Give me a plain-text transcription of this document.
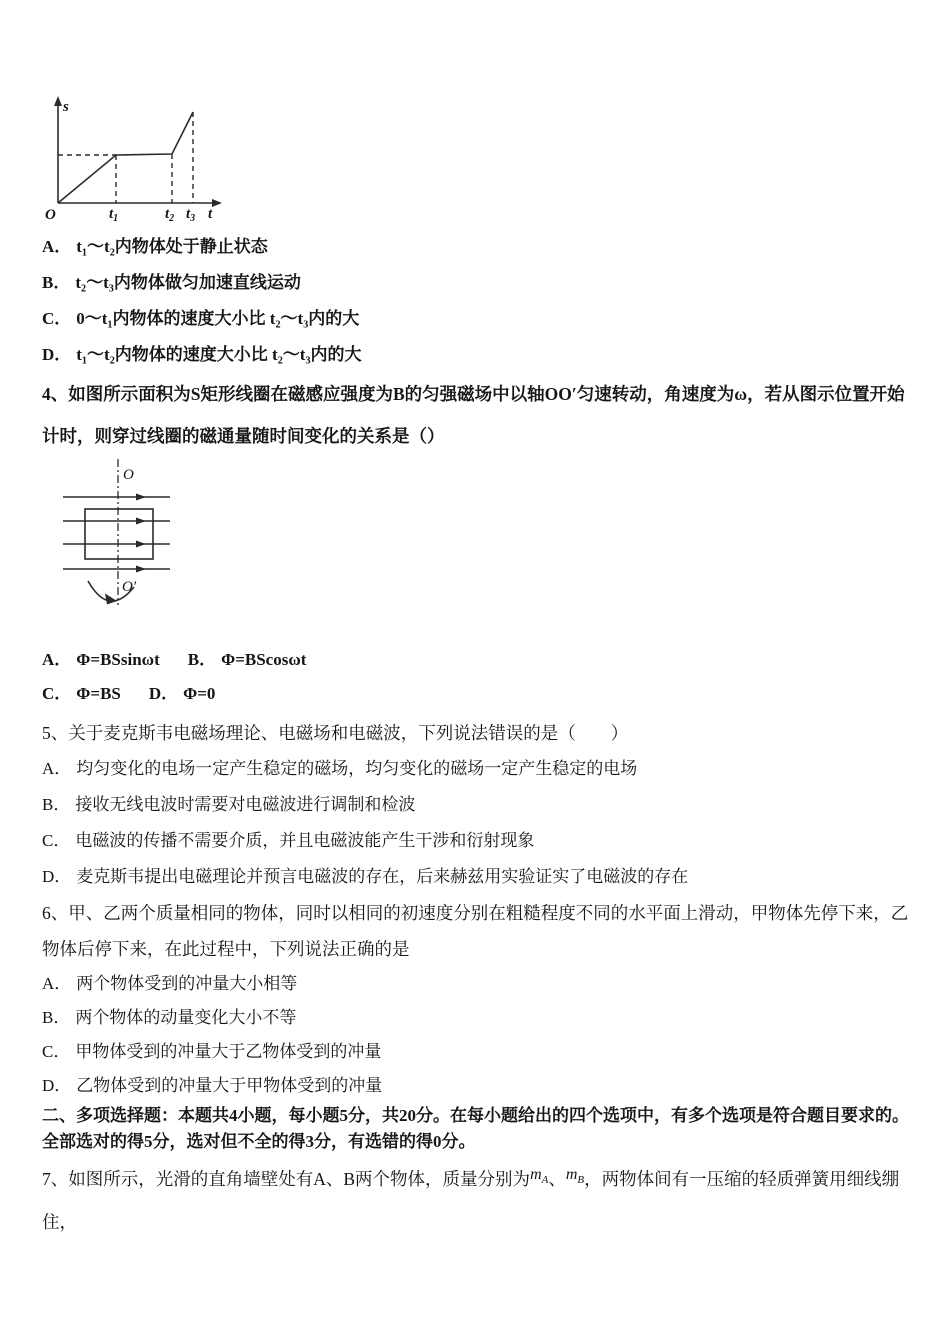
s
O	$t_1$	$t_2$ $t_3$ t
A． t₁～t₂内物体处于静止状态
B． t₂～t₃内物体做匀加速直线运动
C． 0～t₁内物体的速度大小比 t₂～t₃内的大
D． t₁～t₂内物体的速度大小比 t₂～t₃内的大

4、如图所示面积为S矩形线圈在磁感应强度为B的匀强磁场中以轴OO′匀速转动，角速度为ω，若从图示位置开始计时，则穿过线圈的磁通量随时间变化的关系是（）

O
O′
A． Φ=BSsinωt B． Φ=BScosωt
C． Φ=BS D． Φ=0

5、关于麦克斯韦电磁场理论、电磁场和电磁波，下列说法错误的是（　　）

A． 均匀变化的电场一定产生稳定的磁场，均匀变化的磁场一定产生稳定的电场
B． 接收无线电波时需要对电磁波进行调制和检波
C． 电磁波的传播不需要介质，并且电磁波能产生干涉和衍射现象
D． 麦克斯韦提出电磁理论并预言电磁波的存在，后来赫兹用实验证实了电磁波的存在

6、甲、乙两个质量相同的物体，同时以相同的初速度分别在粗糙程度不同的水平面上滑动，甲物体先停下来，乙物体后停下来，在此过程中，下列说法正确的是

A． 两个物体受到的冲量大小相等
B． 两个物体的动量变化大小不等
C． 甲物体受到的冲量大于乙物体受到的冲量
D． 乙物体受到的冲量大于甲物体受到的冲量

二、多项选择题：本题共4小题，每小题5分，共20分。在每小题给出的四个选项中，有多个选项是符合题目要求的。全部选对的得5分，选对但不全的得3分，有选错的得0分。

7、如图所示，光滑的直角墙壁处有A、B两个物体，质量分别为$m_A$、$m_B$，两物体间有一压缩的轻质弹簧用细线绷住，
